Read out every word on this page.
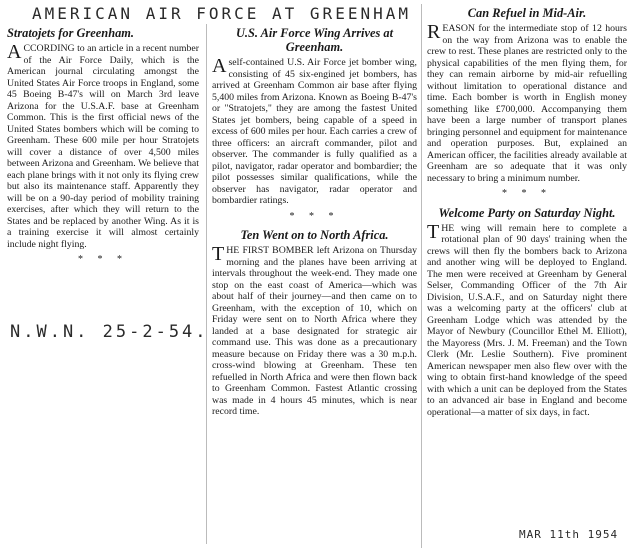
AMERICAN AIR FORCE AT GREENHAM
Stratojets for Greenham.

ACCORDING to an article in a recent number of the Air Force Daily, which is the American journal circulating amongst the United States Air Force troops in England, some 45 Boeing B-47's will on March 3rd leave Arizona for the U.S.A.F. base at Greenham Common. This is the first official news of the United States bombers which will be coming to Greenham. These 600 mile per hour Stratojets will cover a distance of over 4,500 miles between Arizona and Greenham. We believe that each plane brings with it not only its flying crew but also its maintenance staff. Apparently they will be on a 90-day period of mobility training exercises, after which they will return to the States and be replaced by another Wing. As it is a training exercise it will almost certainly include night flying.

* * *
N.W.N. 25-2-54.
U.S. Air Force Wing Arrives at Greenham.

Aself-contained U.S. Air Force jet bomber wing, consisting of 45 six-engined jet bombers, has arrived at Greenham Common air base after flying 5,400 miles from Arizona. Known as Boeing B-47's or "Stratojets," they are among the fastest United States jet bombers, being capable of a speed in excess of 600 miles per hour. Each carries a crew of three officers: an aircraft commander, pilot and observer. The commander is fully qualified as a pilot, navigator, radar operator and bombardier; the pilot possesses similar qualifications, while the observer has navigator, radar operator and bombardier ratings.

* * *
Ten Went on to North Africa.

THE FIRST BOMBER left Arizona on Thursday morning and the planes have been arriving at intervals throughout the week-end. They made one stop on the east coast of America—which was about half of their journey—and then came on to Greenham, with the exception of 10, which on Friday were sent on to North Africa where they landed at a base designated for strategic air command use. This was done as a precautionary measure because on Friday there was a 30 m.p.h. cross-wind blowing at Greenham. These ten refuelled in North Africa and were then flown back to Greenham Common. Fastest Atlantic crossing was made in 4 hours 45 minutes, which is near record time.

Can Refuel in Mid-Air.

REASON for the intermediate stop of 12 hours on the way from Arizona was to enable the crew to rest. These planes are restricted only to the physical capabilities of the men flying them, for they can remain airborne by mid-air refuelling without limitation to operational distance and time. Each bomber is worth in English money something like £700,000. Accompanying them have been a large number of transport planes bringing personnel and equipment for maintenance and operation purposes. But, explained an American officer, the facilities already available at Greenham are so adequate that it was only necessary to bring a minimum number.

* * *
Welcome Party on Saturday Night.

THE wing will remain here to complete a rotational plan of 90 days' training when the crews will then fly the bombers back to Arizona and another wing will be deployed to England. The men were received at Greenham by General Selser, Commanding Officer of the 7th Air Division, U.S.A.F., and on Saturday night there was a welcoming party at the officers' club at Greenham Lodge which was attended by the Mayor of Newbury (Councillor Ethel M. Elliott), the Mayoress (Mrs. J. M. Freeman) and the Town Clerk (Mr. Leslie Southern). Five prominent American newspaper men also flew over with the wing to obtain first-hand knowledge of the speed with which a unit can be deployed from the States to an advanced air base in England and become operational—a matter of six days, in fact.

MAR 11th 1954
